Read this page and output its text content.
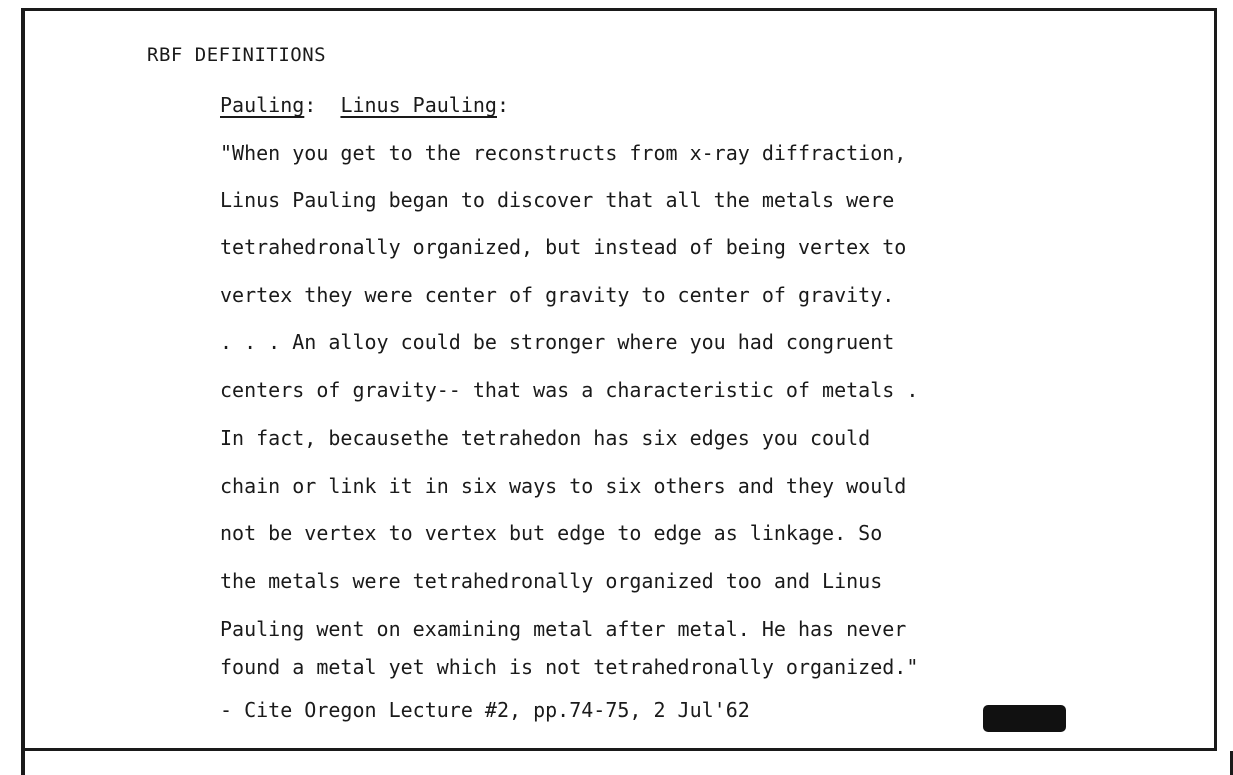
RBF DEFINITIONS
Pauling: Linus Pauling:
"When you get to the reconstructs from x-ray diffraction,
Linus Pauling began to discover that all the metals were
tetrahedronally organized, but instead of being vertex to
vertex they were center of gravity to center of gravity.
. . . An alloy could be stronger where you had congruent
centers of gravity-- that was a characteristic of metals .
In fact, becausethe tetrahedon has six edges you could
chain or link it in six ways to six others and they would
not be vertex to vertex but edge to edge as linkage. So
the metals were tetrahedronally organized too and Linus
Pauling went on examining metal after metal. He has never
found a metal yet which is not tetrahedronally organized."
- Cite Oregon Lecture #2, pp.74-75, 2 Jul'62
